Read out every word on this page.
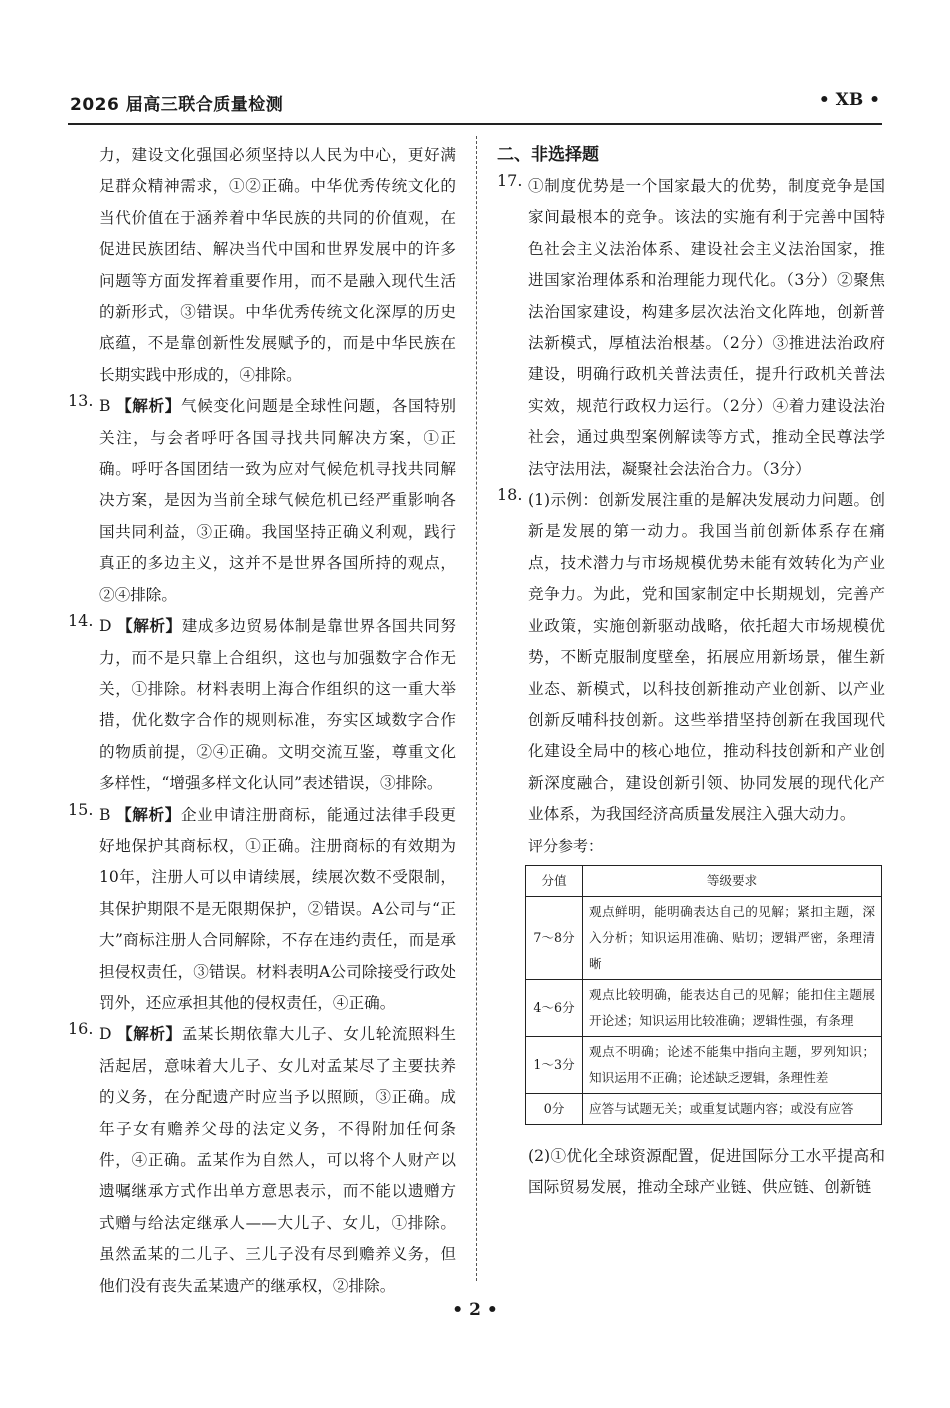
2026 届高三联合质量检测	• XB •

力，建设文化强国必须坚持以人民为中心，更好满足群众精神需求，①②正确。中华优秀传统文化的当代价值在于涵养着中华民族的共同的价值观，在促进民族团结、解决当代中国和世界发展中的许多问题等方面发挥着重要作用，而不是融入现代生活的新形式，③错误。中华优秀传统文化深厚的历史底蕴，不是靠创新性发展赋予的，而是中华民族在长期实践中形成的，④排除。

13. B 【解析】气候变化问题是全球性问题，各国特别关注，与会者呼吁各国寻找共同解决方案，①正确。呼吁各国团结一致为应对气候危机寻找共同解决方案，是因为当前全球气候危机已经严重影响各国共同利益，③正确。我国坚持正确义利观，践行真正的多边主义，这并不是世界各国所持的观点，②④排除。

14. D 【解析】建成多边贸易体制是靠世界各国共同努力，而不是只靠上合组织，这也与加强数字合作无关，①排除。材料表明上海合作组织的这一重大举措，优化数字合作的规则标准，夯实区域数字合作的物质前提，②④正确。文明交流互鉴，尊重文化多样性，“增强多样文化认同”表述错误，③排除。

15. B 【解析】企业申请注册商标，能通过法律手段更好地保护其商标权，①正确。注册商标的有效期为10年，注册人可以申请续展，续展次数不受限制，其保护期限不是无限期保护，②错误。A公司与“正大”商标注册人合同解除，不存在违约责任，而是承担侵权责任，③错误。材料表明A公司除接受行政处罚外，还应承担其他的侵权责任，④正确。

16. D 【解析】孟某长期依靠大儿子、女儿轮流照料生活起居，意味着大儿子、女儿对孟某尽了主要扶养的义务，在分配遗产时应当予以照顾，③正确。成年子女有赡养父母的法定义务，不得附加任何条件，④正确。孟某作为自然人，可以将个人财产以遗嘱继承方式作出单方意思表示，而不能以遗赠方式赠与给法定继承人——大儿子、女儿，①排除。虽然孟某的二儿子、三儿子没有尽到赡养义务，但他们没有丧失孟某遗产的继承权，②排除。

二、非选择题
17. ①制度优势是一个国家最大的优势，制度竞争是国家间最根本的竞争。该法的实施有利于完善中国特色社会主义法治体系、建设社会主义法治国家，推进国家治理体系和治理能力现代化。（3分）②聚焦法治国家建设，构建多层次法治文化阵地，创新普法新模式，厚植法治根基。（2分）③推进法治政府建设，明确行政机关普法责任，提升行政机关普法实效，规范行政权力运行。（2分）④着力建设法治社会，通过典型案例解读等方式，推动全民尊法学法守法用法，凝聚社会法治合力。（3分）

18. (1)示例：创新发展注重的是解决发展动力问题。创新是发展的第一动力。我国当前创新体系存在痛点，技术潜力与市场规模优势未能有效转化为产业竞争力。为此，党和国家制定中长期规划，完善产业政策，实施创新驱动战略，依托超大市场规模优势，不断克服制度壁垒，拓展应用新场景，催生新业态、新模式，以科技创新推动产业创新、以产业创新反哺科技创新。这些举措坚持创新在我国现代化建设全局中的核心地位，推动科技创新和产业创新深度融合，建设创新引领、协同发展的现代化产业体系，为我国经济高质量发展注入强大动力。

评分参考：

分值	等级要求
7～8分	观点鲜明，能明确表达自己的见解；紧扣主题，深入分析；知识运用准确、贴切；逻辑严密，条理清晰
4～6分	观点比较明确，能表达自己的见解；能扣住主题展开论述；知识运用比较准确；逻辑性强，有条理
1～3分	观点不明确；论述不能集中指向主题，罗列知识；知识运用不正确；论述缺乏逻辑，条理性差
0分	应答与试题无关；或重复试题内容；或没有应答

(2)①优化全球资源配置，促进国际分工水平提高和国际贸易发展，推动全球产业链、供应链、创新链

• 2 •
